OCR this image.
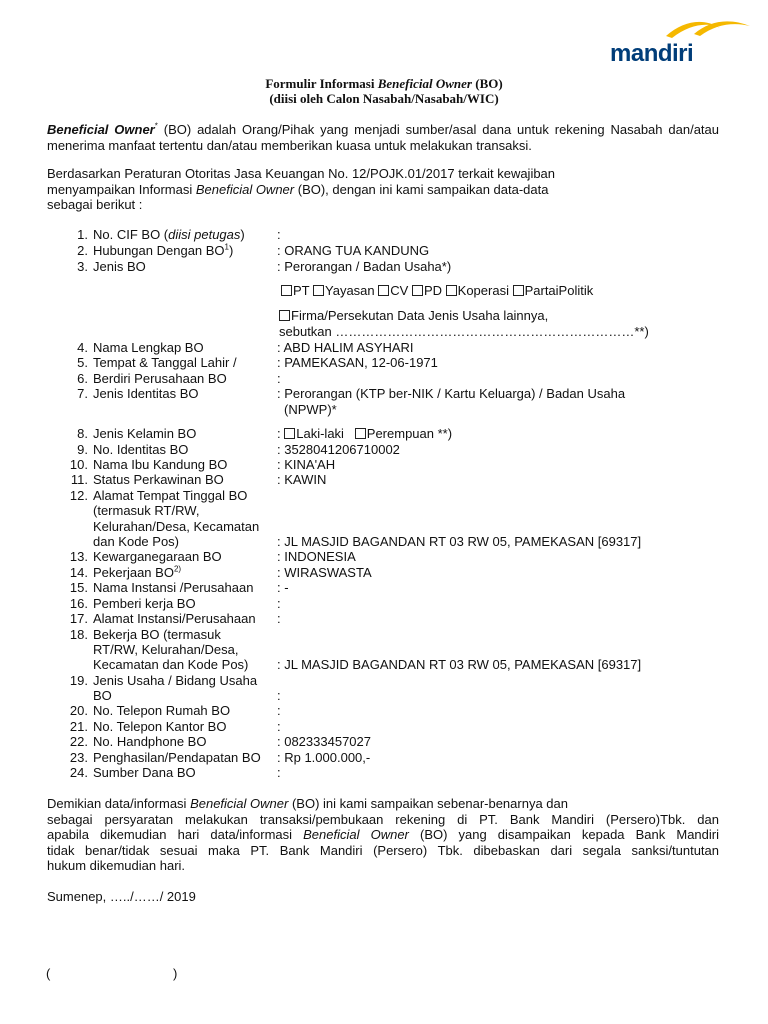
mandiri
Formulir Informasi Beneficial Owner (BO)
(diisi oleh Calon Nasabah/Nasabah/WIC)

Beneficial Owner* (BO) adalah Orang/Pihak yang menjadi sumber/asal dana untuk rekening Nasabah dan/atau menerima manfaat tertentu dan/atau memberikan kuasa untuk melakukan transaksi.

Berdasarkan Peraturan Otoritas Jasa Keuangan No. 12/POJK.01/2017 terkait kewajiban
menyampaikan Informasi Beneficial Owner (BO), dengan ini kami sampaikan data-data
sebagai berikut :
1. No. CIF BO (diisi petugas) :
2. Hubungan Dengan $BO^1$)	: ORANG TUA KANDUNG
3. Jenis BO	: Perorangan / Badan Usaha*)
PT Yayasan CV PD Koperasi PartaiPolitik
Firma/Persekutan Data Jenis Usaha lainnya,
sebutkan ……………………………………………………………**)
4. Nama Lengkap BO	: ABD HALIM ASYHARI
5. Tempat & Tanggal Lahir /	: PAMEKASAN, 12-06-1971
6. Berdiri Perusahaan BO	:
7. Jenis Identitas BO	: Perorangan (KTP ber-NIK / Kartu Keluarga) / Badan Usaha
(NPWP)*
8. Jenis Kelamin BO	: Laki-laki Perempuan **)
9. No. Identitas BO	: 3528041206710002
10. Nama Ibu Kandung BO	: KINA'AH
11. Status Perkawinan BO	: KAWIN
12. Alamat Tempat Tinggal BO
(termasuk RT/RW,
Kelurahan/Desa, Kecamatan
dan Kode Pos)	: JL MASJID BAGANDAN RT 03 RW 05, PAMEKASAN [69317]
13. Kewarganegaraan BO	: INDONESIA
14. Pekerjaan BO$^{2)}$	: WIRASWASTA
15. Nama Instansi /Perusahaan : -
16. Pemberi kerja BO	:
17. Alamat Instansi/Perusahaan :
18. Bekerja BO (termasuk
RT/RW, Kelurahan/Desa,
Kecamatan dan Kode Pos) : JL MASJID BAGANDAN RT 03 RW 05, PAMEKASAN [69317]
19. Jenis Usaha / Bidang Usaha
BO	:
20. No. Telepon Rumah BO	:
21. No. Telepon Kantor BO	:
22. No. Handphone BO	: 082333457027
23. Penghasilan/Pendapatan BO : Rp 1.000.000,-
24. Sumber Dana BO	:
Demikian data/informasi Beneficial Owner (BO) ini kami sampaikan sebenar-benarnya dan
sebagai persyaratan melakukan transaksi/pembukaan rekening di PT. Bank Mandiri (Persero)Tbk. dan
apabila dikemudian hari data/informasi Beneficial Owner (BO) yang disampaikan kepada Bank Mandiri
tidak benar/tidak sesuai maka PT. Bank Mandiri (Persero) Tbk. dibebaskan dari segala sanksi/tuntutan
hukum dikemudian hari.
Sumenep, …../……/ 2019
(	)
